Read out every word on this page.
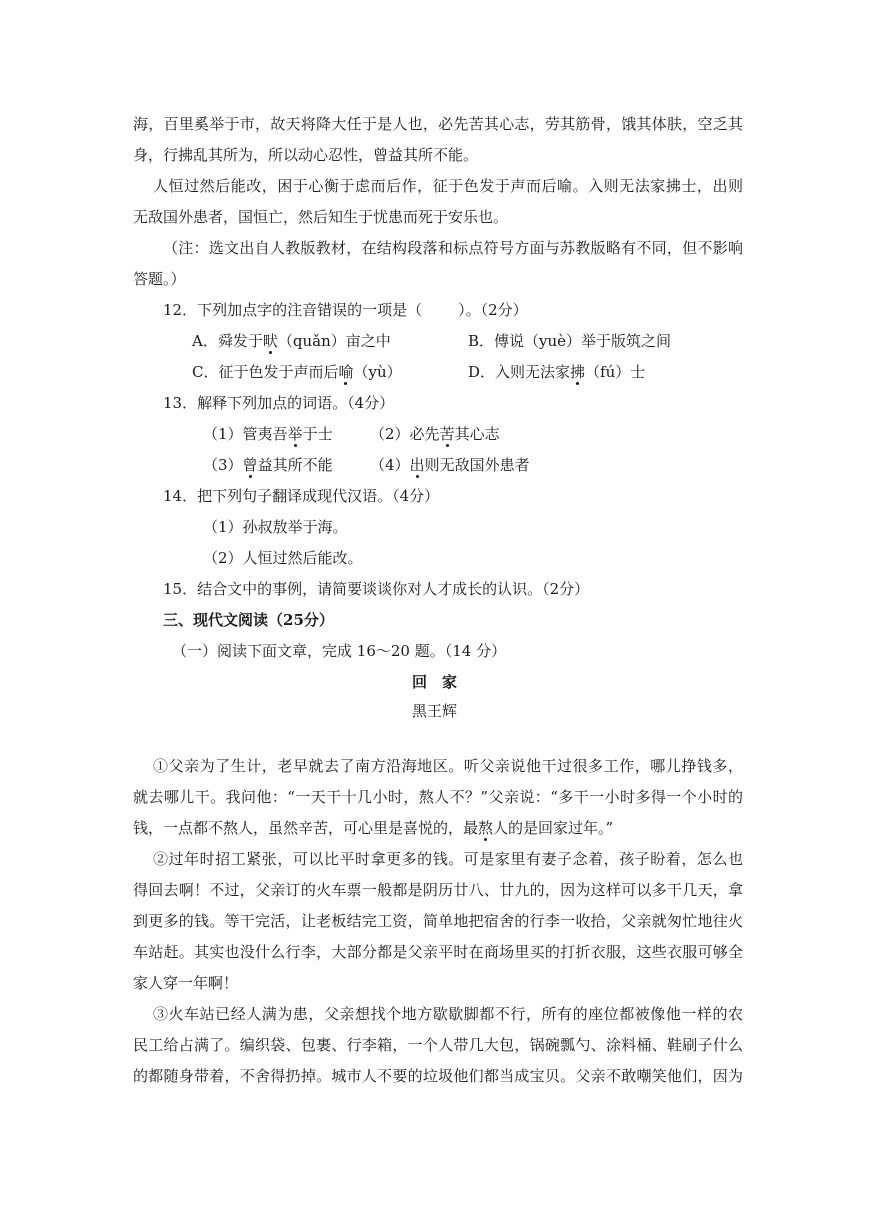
海，百里奚举于市，故天将降大任于是人也，必先苦其心志，劳其筋骨，饿其体肤，空乏其
身，行拂乱其所为，所以动心忍性，曾益其所不能。
人恒过然后能改，困于心衡于虑而后作，征于色发于声而后喻。入则无法家拂士，出则
无敌国外患者，国恒亡，然后知生于忧患而死于安乐也。
（注：选文出自人教版教材，在结构段落和标点符号方面与苏教版略有不同，但不影响
答题。）
12．下列加点字的注音错误的一项是（ ）。（2分）
A．舜发于畎（quǎn）亩之中	B．傅说（yuè）举于版筑之间
C．征于色发于声而后喻（yù）	D．入则无法家拂（fú）士
13．解释下列加点的词语。（4分）
（1）管夷吾举于士	（2）必先苦其心志
（3）曾益其所不能	（4）出则无敌国外患者
14．把下列句子翻译成现代汉语。（4分）
（1）孙叔敖举于海。
（2）人恒过然后能改。
15．结合文中的事例，请简要谈谈你对人才成长的认识。（2分）
三、现代文阅读（25分）
（一）阅读下面文章，完成 16～20 题。（14 分）
回　家
黑王辉
①父亲为了生计，老早就去了南方沿海地区。听父亲说他干过很多工作，哪儿挣钱多，
就去哪儿干。我问他：“一天干十几小时，熬人不？”父亲说：“多干一小时多得一个小时的
钱，一点都不熬人，虽然辛苦，可心里是喜悦的，最熬人的是回家过年。”
②过年时招工紧张，可以比平时拿更多的钱。可是家里有妻子念着，孩子盼着，怎么也
得回去啊！不过，父亲订的火车票一般都是阴历廿八、廿九的，因为这样可以多干几天，拿
到更多的钱。等干完活，让老板结完工资，简单地把宿舍的行李一收拾，父亲就匆忙地往火
车站赶。其实也没什么行李，大部分都是父亲平时在商场里买的打折衣服，这些衣服可够全
家人穿一年啊！
③火车站已经人满为患，父亲想找个地方歇歇脚都不行，所有的座位都被像他一样的农
民工给占满了。编织袋、包裹、行李箱，一个人带几大包，锅碗瓢勺、涂料桶、鞋刷子什么
的都随身带着，不舍得扔掉。城市人不要的垃圾他们都当成宝贝。父亲不敢嘲笑他们，因为
